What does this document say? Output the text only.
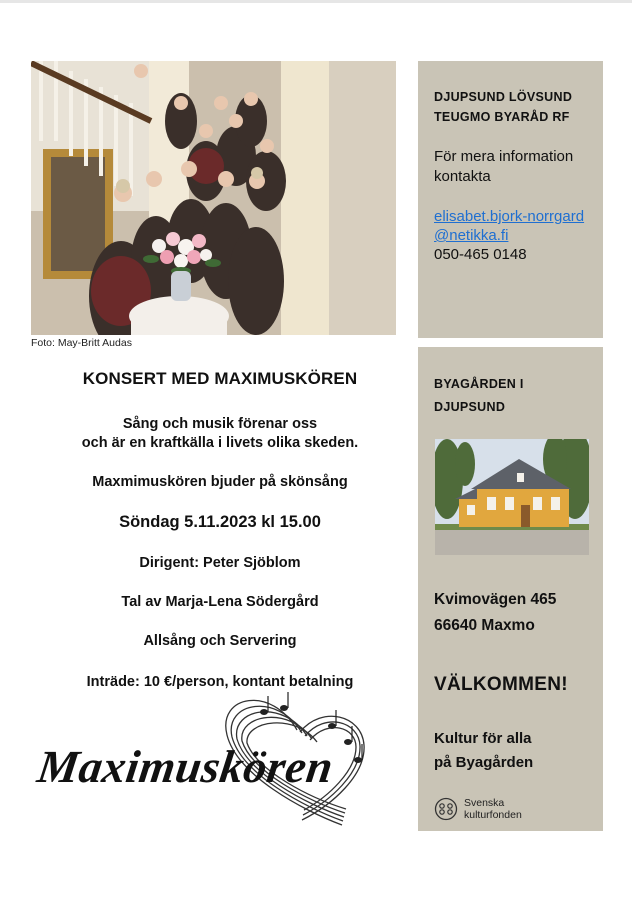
Foto: May-Britt Audas
KONSERT MED MAXIMUSKÖREN
Sång och musik förenar oss
och är en kraftkälla i livets olika skeden.
Maxmimuskören bjuder på skönsång
Söndag 5.11.2023 kl 15.00
Dirigent: Peter Sjöblom
Tal av Marja-Lena Södergård
Allsång och Servering
Inträde: 10 €/person, kontant betalning
Maximuskören
DJUPSUND LÖVSUND
TEUGMO BYARÅD RF
För mera information
kontakta
elisabet.bjork-norrgard@netikka.fi
050-465 0148
BYAGÅRDEN I
DJUPSUND
Kvimovägen 465
66640 Maxmo
VÄLKOMMEN!
Kultur för alla
på Byagården
Svenska
kulturfonden
